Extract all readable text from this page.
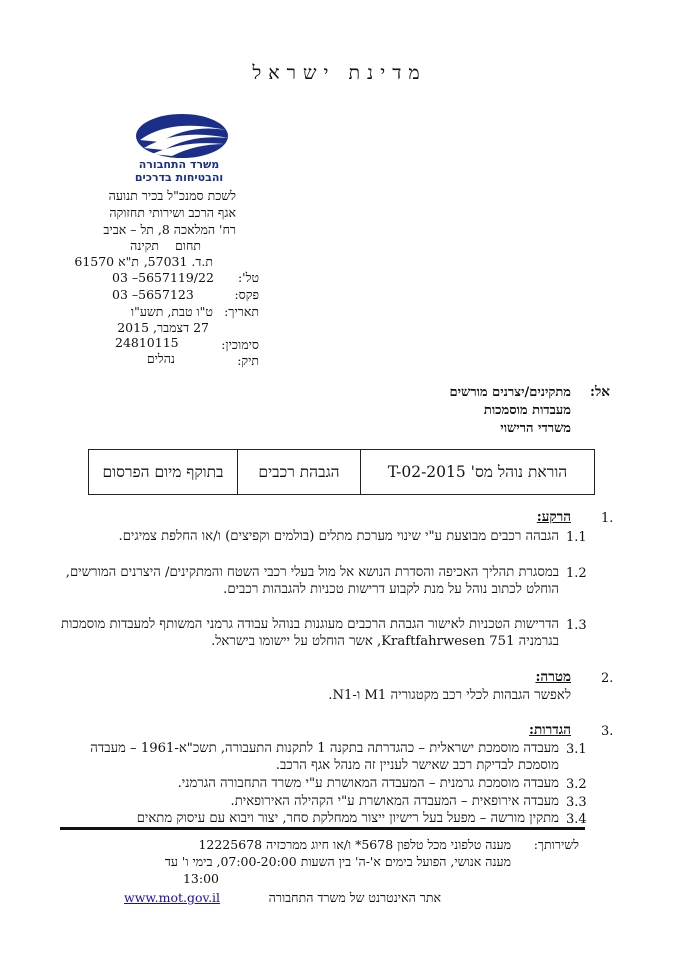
מדינת ישראל
משרד התחבורה
והבטיחות בדרכים
לשכת סמנכ"ל בכיר תנועה
אגף הרכב ושירותי תחזוקה
רח' המלאכה 8, תל – אביב
תחום
תקינה
ת.ד. 57031,
ת"א 61570
טל':
03 –5657119/22
פקס:
03 –5657123
תאריך:
ט"ו טבת, תשע"ו
27 דצמבר, 2015
סימוכין:
24810115
תיק:
נהלים
אל:
מתקינים/יצרנים מורשים
מעבדות מוסמכות
משרדי הרישוי
בתוקף מיום הפרסום	הגבהת רכבים	הוראת נוהל מס' T-02-2015
1.
הרקע:
1.1
הגבהה רכבים מבוצעת ע"י שינוי מערכת מתלים (בולמים וקפיצים) ו/או החלפת צמיגים.
1.2
במסגרת תהליך האכיפה והסדרת הנושא אל מול בעלי רכבי השטח והמתקינים/ היצרנים המורשים, הוחלט לכתוב נוהל על מנת לקבוע דרישות טכניות להגבהות רכבים.
1.3
הדרישות הטכניות לאישור הגבהת הרכבים מעוגנות בנוהל עבודה גרמני המשותף למעבדות מוסמכות בגרמניה Kraftfahrwesen 751, אשר הוחלט על יישומו בישראל.
2.
מטרה:
לאפשר הגבהות לכלי רכב מקטגוריה M1 ו-N1.
3.
הגדרות:
3.1
מעבדה מוסמכת ישראלית – כהגדרתה בתקנה 1 לתקנות התעבורה, תשכ"א-1961 – מעבדה מוסמכת לבדיקת רכב שאישר לעניין זה מנהל אגף הרכב.
3.2
מעבדה מוסמכת גרמנית – המעבדה המאושרת ע"י משרד התחבורה הגרמני.
3.3
מעבדה אירופאית – המעבדה המאושרת ע"י הקהילה האירופאית.
3.4
מתקין מורשה – מפעל בעל רישיון ייצור ממחלקת סחר, יצור ויבוא עם עיסוק מתאים
לשירותך:
מענה טלפוני מכל טלפון 5678* ו/או חיוג ממרכזיה 12225678
מענה אנושי, הפועל בימים א'-ה' בין השעות 07:00-20:00, בימי ו' עד
13:00
אתר האינטרנט של משרד התחבורה
www.mot.gov.il
